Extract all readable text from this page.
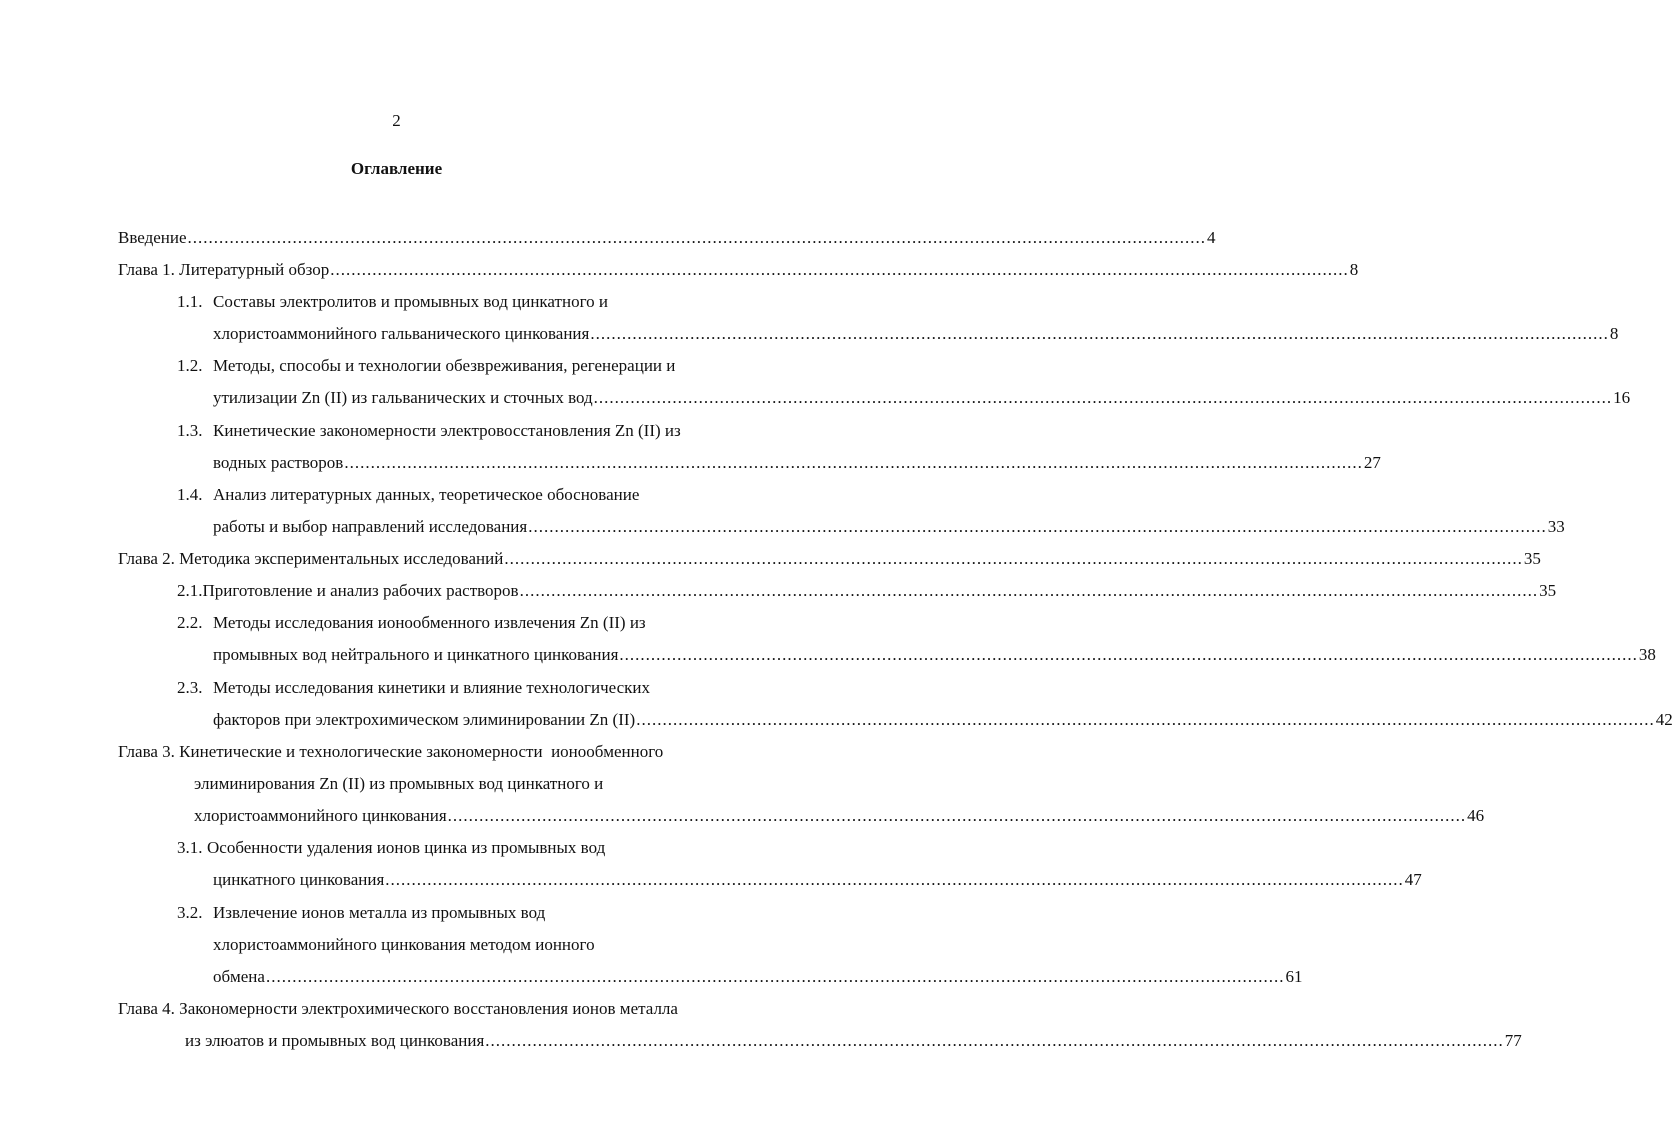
2
Оглавление
Введение .................................................................................................................................................................................................. 4
Глава 1. Литературный обзор .................................................................................................................................................................................................. 8
1.1. Составы электролитов и промывных вод цинкатного и
хлористоаммонийного гальванического цинкования .................................................................................................................................................................................................. 8
1.2. Методы, способы и технологии обезвреживания, регенерации и
утилизации Zn (II) из гальванических и сточных вод .................................................................................................................................................................................................. 16
1.3. Кинетические закономерности электровосстановления Zn (II) из
водных растворов .................................................................................................................................................................................................. 27
1.4. Анализ литературных данных, теоретическое обоснование
работы и выбор направлений исследования .................................................................................................................................................................................................. 33
Глава 2. Методика экспериментальных исследований .................................................................................................................................................................................................. 35
2.1. Приготовление и анализ рабочих растворов .................................................................................................................................................................................................. 35
2.2. Методы исследования ионообменного извлечения Zn (II) из
промывных вод нейтрального и цинкатного цинкования .................................................................................................................................................................................................. 38
2.3. Методы исследования кинетики и влияние технологических
факторов при электрохимическом элиминировании Zn (II) .................................................................................................................................................................................................. 42
Глава 3. Кинетические и технологические закономерности  ионообменного
элиминирования Zn (II) из промывных вод цинкатного и
хлористоаммонийного цинкования .................................................................................................................................................................................................. 46
3.1. Особенности удаления ионов цинка из промывных вод
цинкатного цинкования .................................................................................................................................................................................................. 47
3.2. Извлечение ионов металла из промывных вод
хлористоаммонийного цинкования методом ионного
обмена .................................................................................................................................................................................................. 61
Глава 4. Закономерности электрохимического восстановления ионов металла
из элюатов и промывных вод цинкования .................................................................................................................................................................................................. 77
